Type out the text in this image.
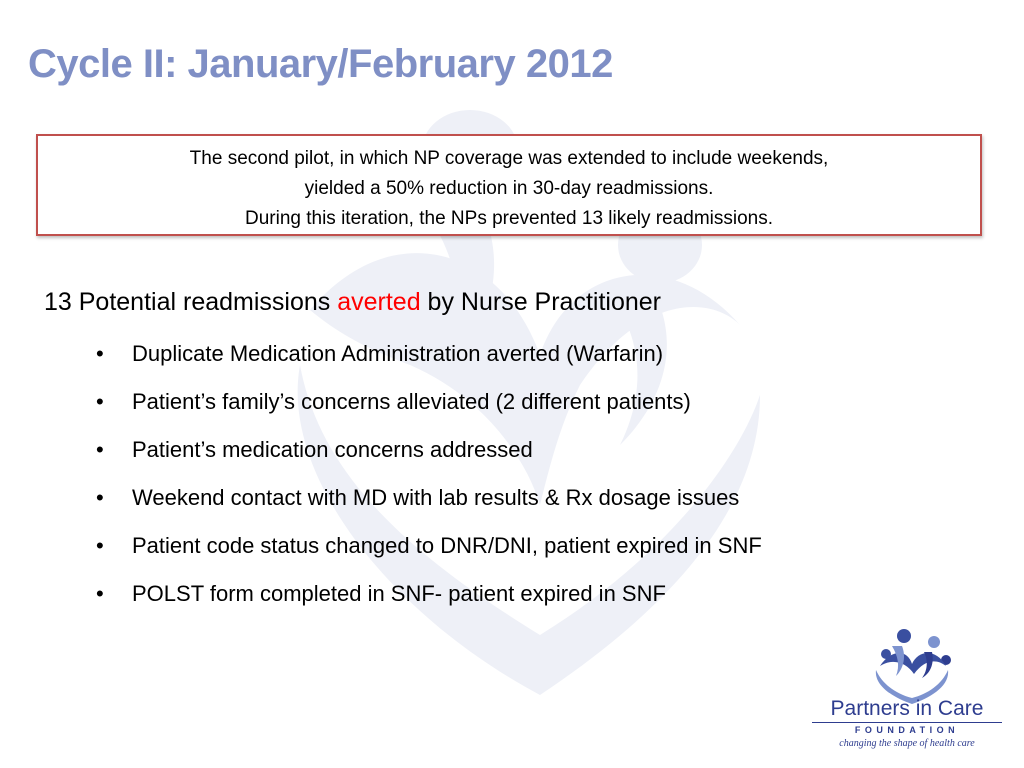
Cycle II: January/February 2012
The second pilot, in which NP coverage was extended to include weekends,
yielded a 50% reduction in 30-day readmissions.
During this iteration, the NPs prevented 13 likely readmissions.
13 Potential readmissions averted by Nurse Practitioner
• Duplicate Medication Administration averted (Warfarin)
• Patient’s family’s concerns alleviated (2 different patients)
• Patient’s medication concerns addressed
• Weekend contact with MD with lab results & Rx dosage issues
• Patient code status changed to DNR/DNI, patient expired in SNF
• POLST form completed in SNF- patient expired in SNF
Partners in Care
FOUNDATION
changing the shape of health care
